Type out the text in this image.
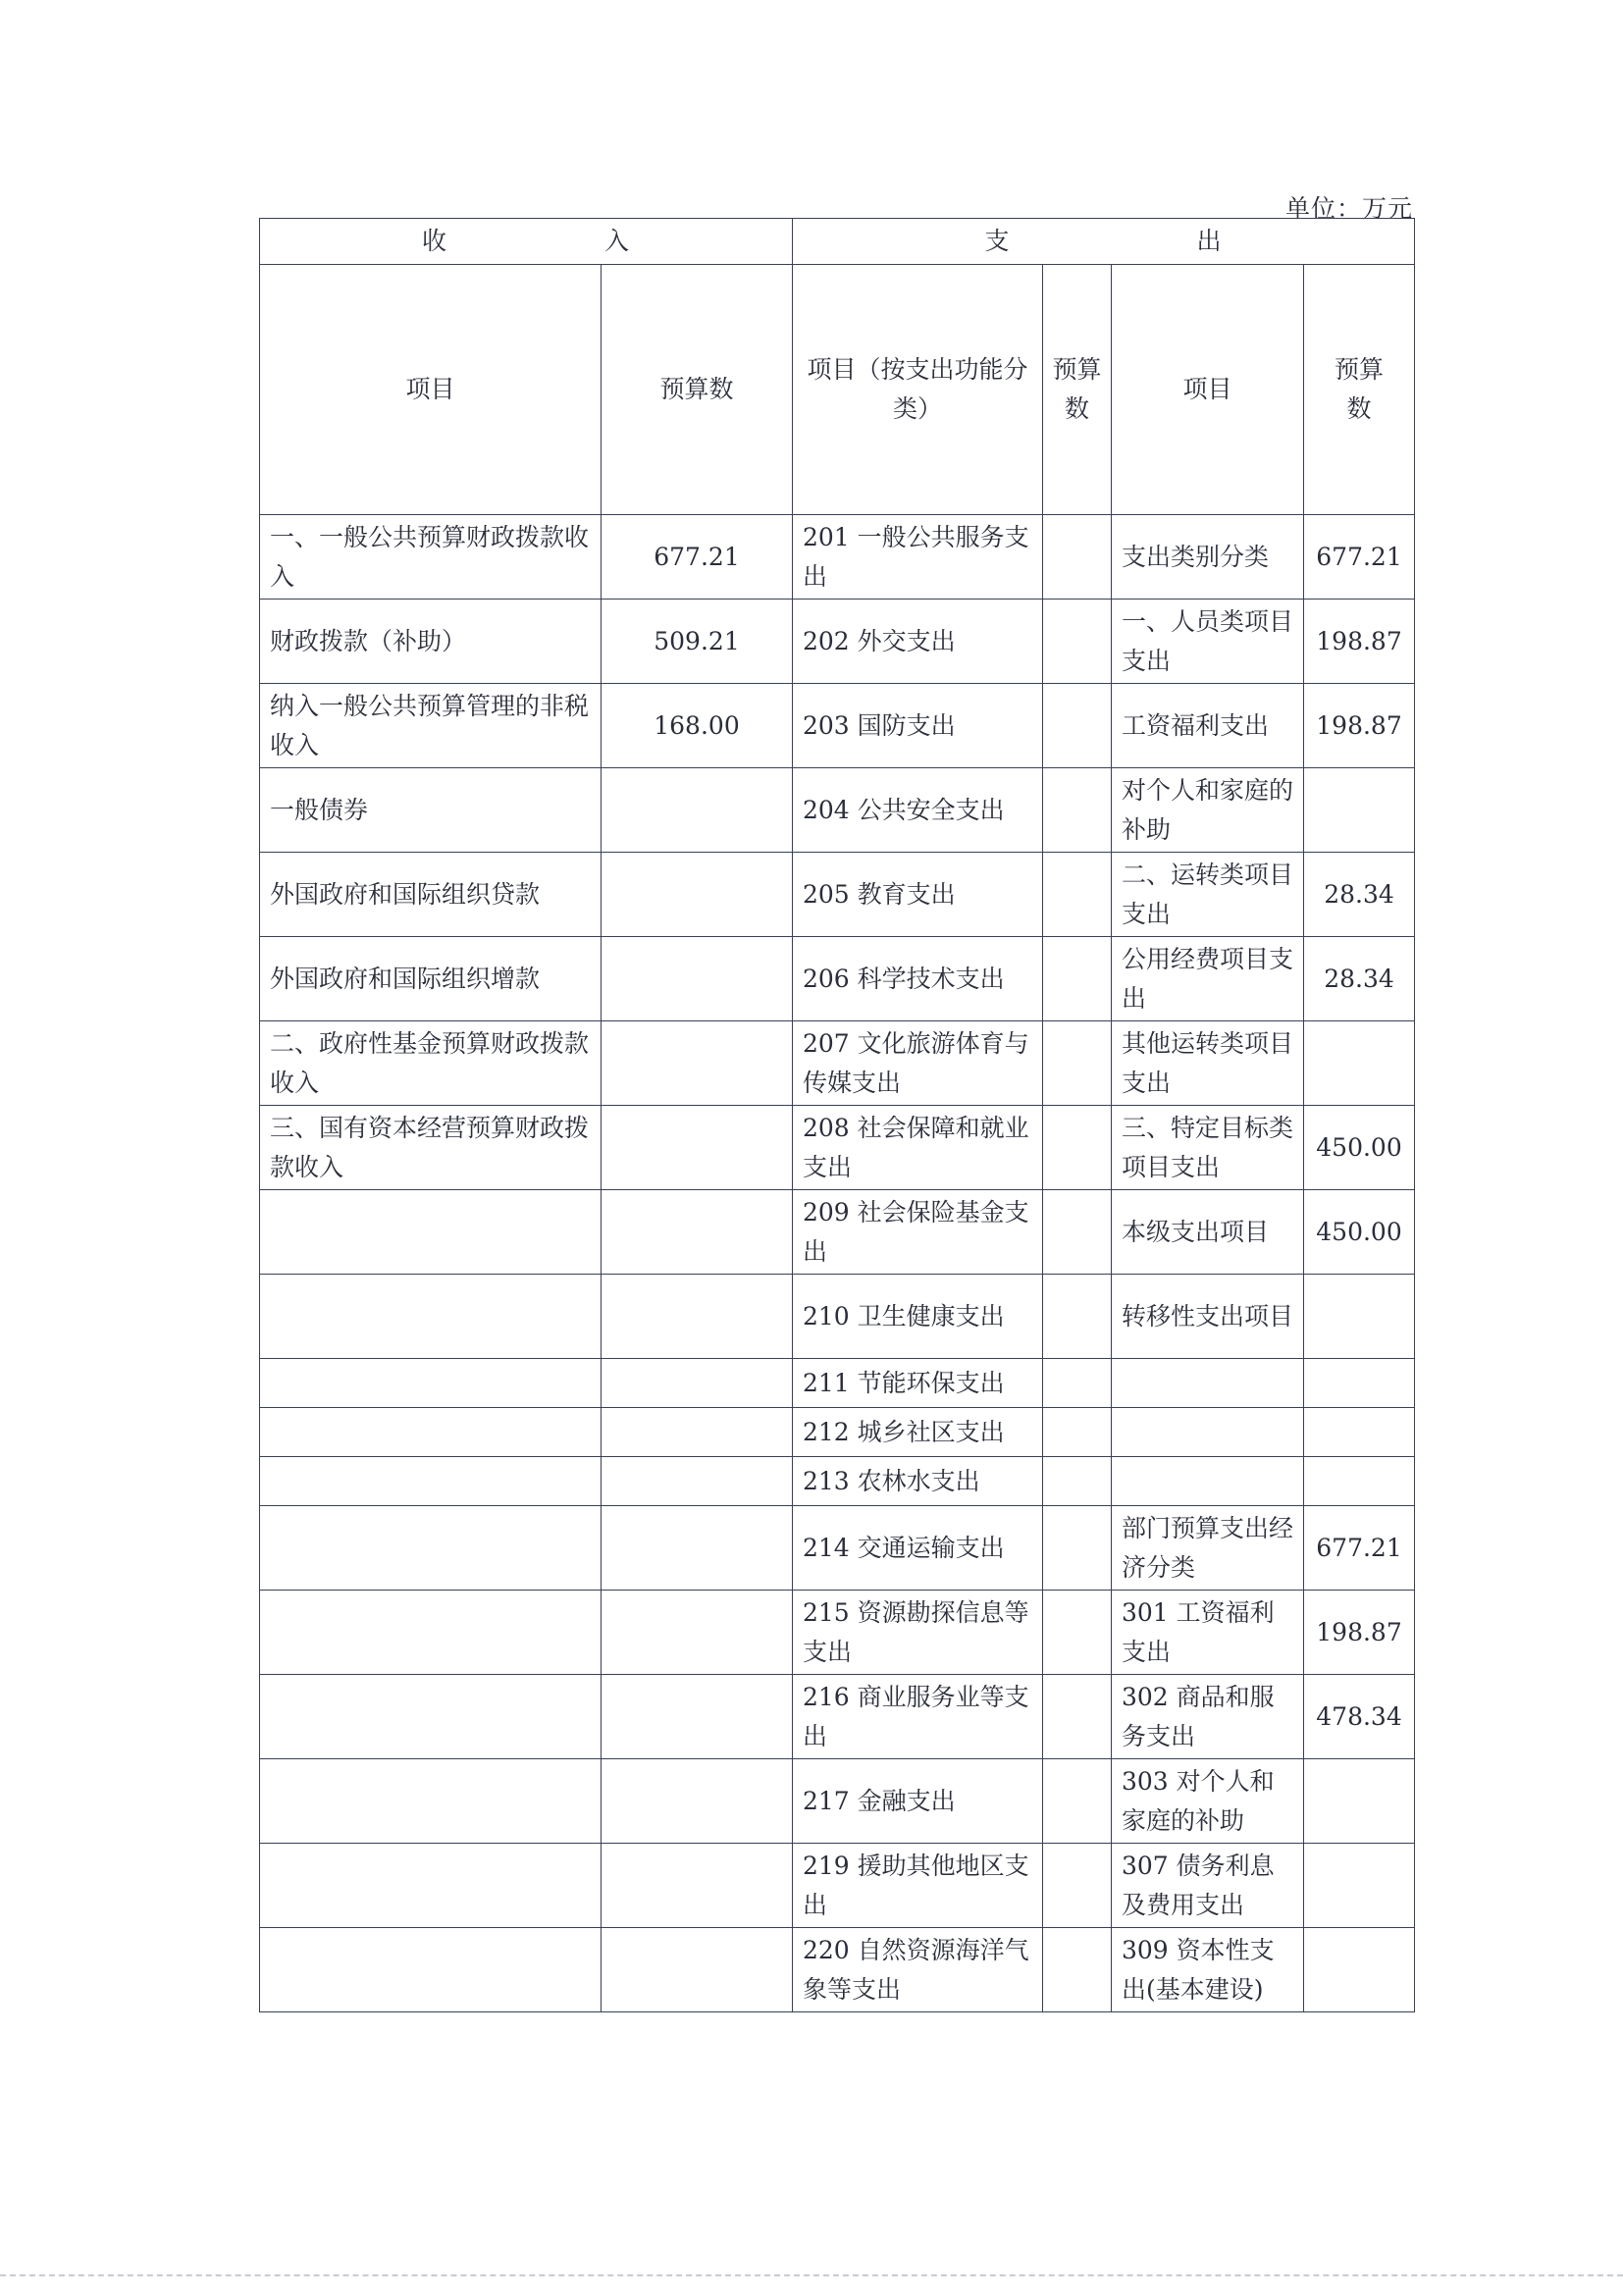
单位：万元
收 入		支 出			
项目	预算数	项目（按支出功能分类）	预算数	项目	预算数
一、一般公共预算财政拨款收入	677.21	201 一般公共服务支出		支出类别分类	677.21
财政拨款（补助）	509.21	202 外交支出		一、人员类项目支出	198.87
纳入一般公共预算管理的非税收入	168.00	203 国防支出		工资福利支出	198.87
一般债券		204 公共安全支出		对个人和家庭的补助	
外国政府和国际组织贷款		205 教育支出		二、运转类项目支出	28.34
外国政府和国际组织增款		206 科学技术支出		公用经费项目支出	28.34
二、政府性基金预算财政拨款收入		207 文化旅游体育与传媒支出		其他运转类项目支出	
三、国有资本经营预算财政拨款收入		208 社会保障和就业支出		三、特定目标类项目支出	450.00
		209 社会保险基金支出		本级支出项目	450.00
		210 卫生健康支出		转移性支出项目	
		211 节能环保支出			
		212 城乡社区支出			
		213 农林水支出			
		214 交通运输支出		部门预算支出经济分类	677.21
		215 资源勘探信息等支出		301 工资福利支出	198.87
		216 商业服务业等支出		302 商品和服务支出	478.34
		217 金融支出		303 对个人和家庭的补助	
		219 援助其他地区支出		307 债务利息及费用支出	
		220 自然资源海洋气象等支出		309 资本性支出(基本建设)	
